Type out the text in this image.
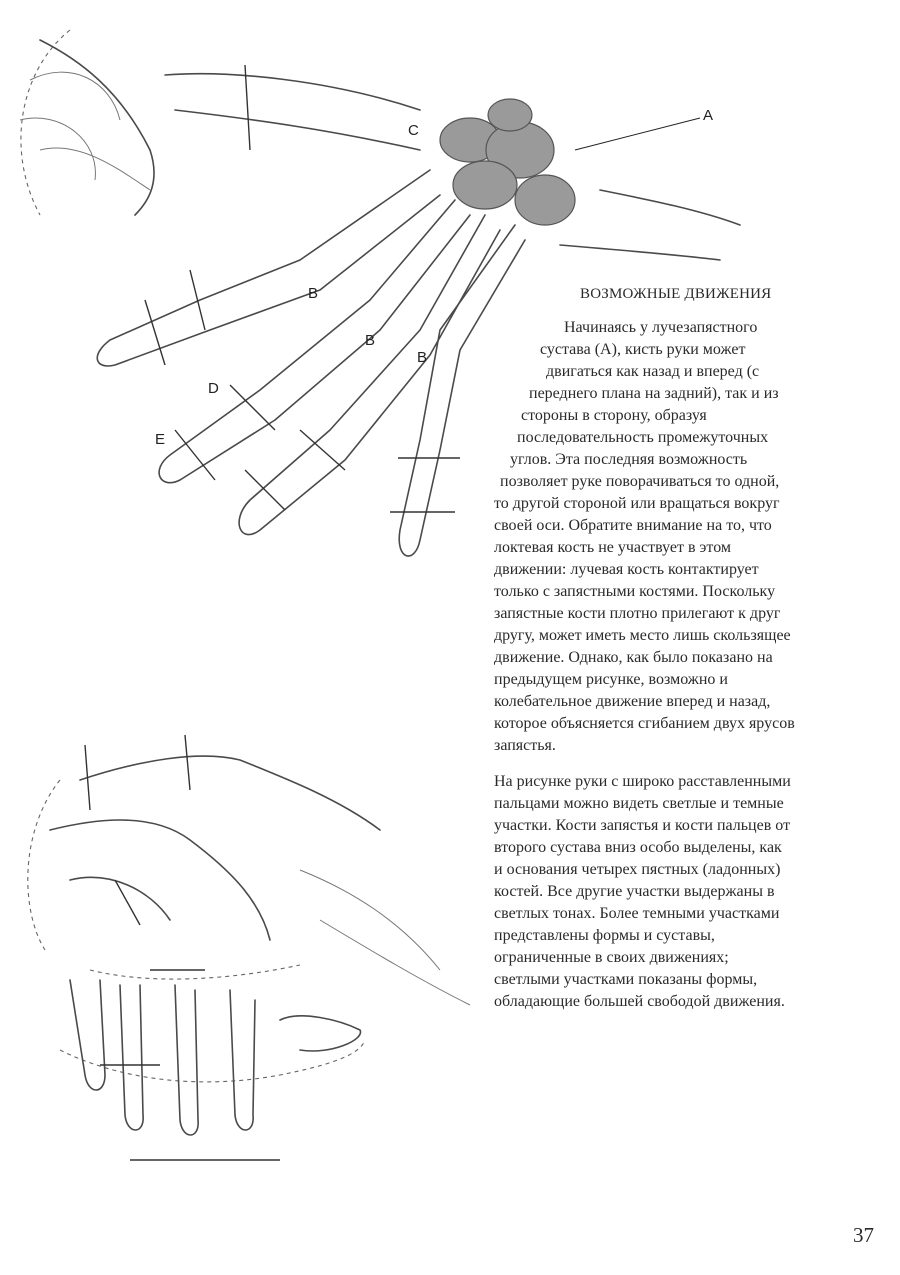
A
C
B
B
B
D
E
ВОЗМОЖНЫЕ ДВИЖЕНИЯ

Начинаясь у лучезапястного

сустава (А), кисть руки может

двигаться как назад и вперед (с

переднего плана на задний), так и из

стороны в сторону, образуя

последовательность промежуточных

углов. Эта последняя возможность

позволяет руке поворачиваться то одной,

то другой стороной или вращаться вокруг

своей оси. Обратите внимание на то, что

локтевая кость не участвует в этом

движении: лучевая кость контактирует

только с запястными костями. Поскольку

запястные кости плотно прилегают к друг

другу, может иметь место лишь скользящее

движение. Однако, как было показано на

предыдущем рисунке, возможно и

колебательное движение вперед и назад,

которое объясняется сгибанием двух ярусов

запястья.

На рисунке руки с широко расставленными

пальцами можно видеть светлые и темные

участки. Кости запястья и кости пальцев от

второго сустава вниз особо выделены, как

и основания четырех пястных (ладонных)

костей. Все другие участки выдержаны в

светлых тонах. Более темными участками

представлены формы и суставы,

ограниченные в своих движениях;

светлыми участками показаны формы,

обладающие большей свободой движения.

37
